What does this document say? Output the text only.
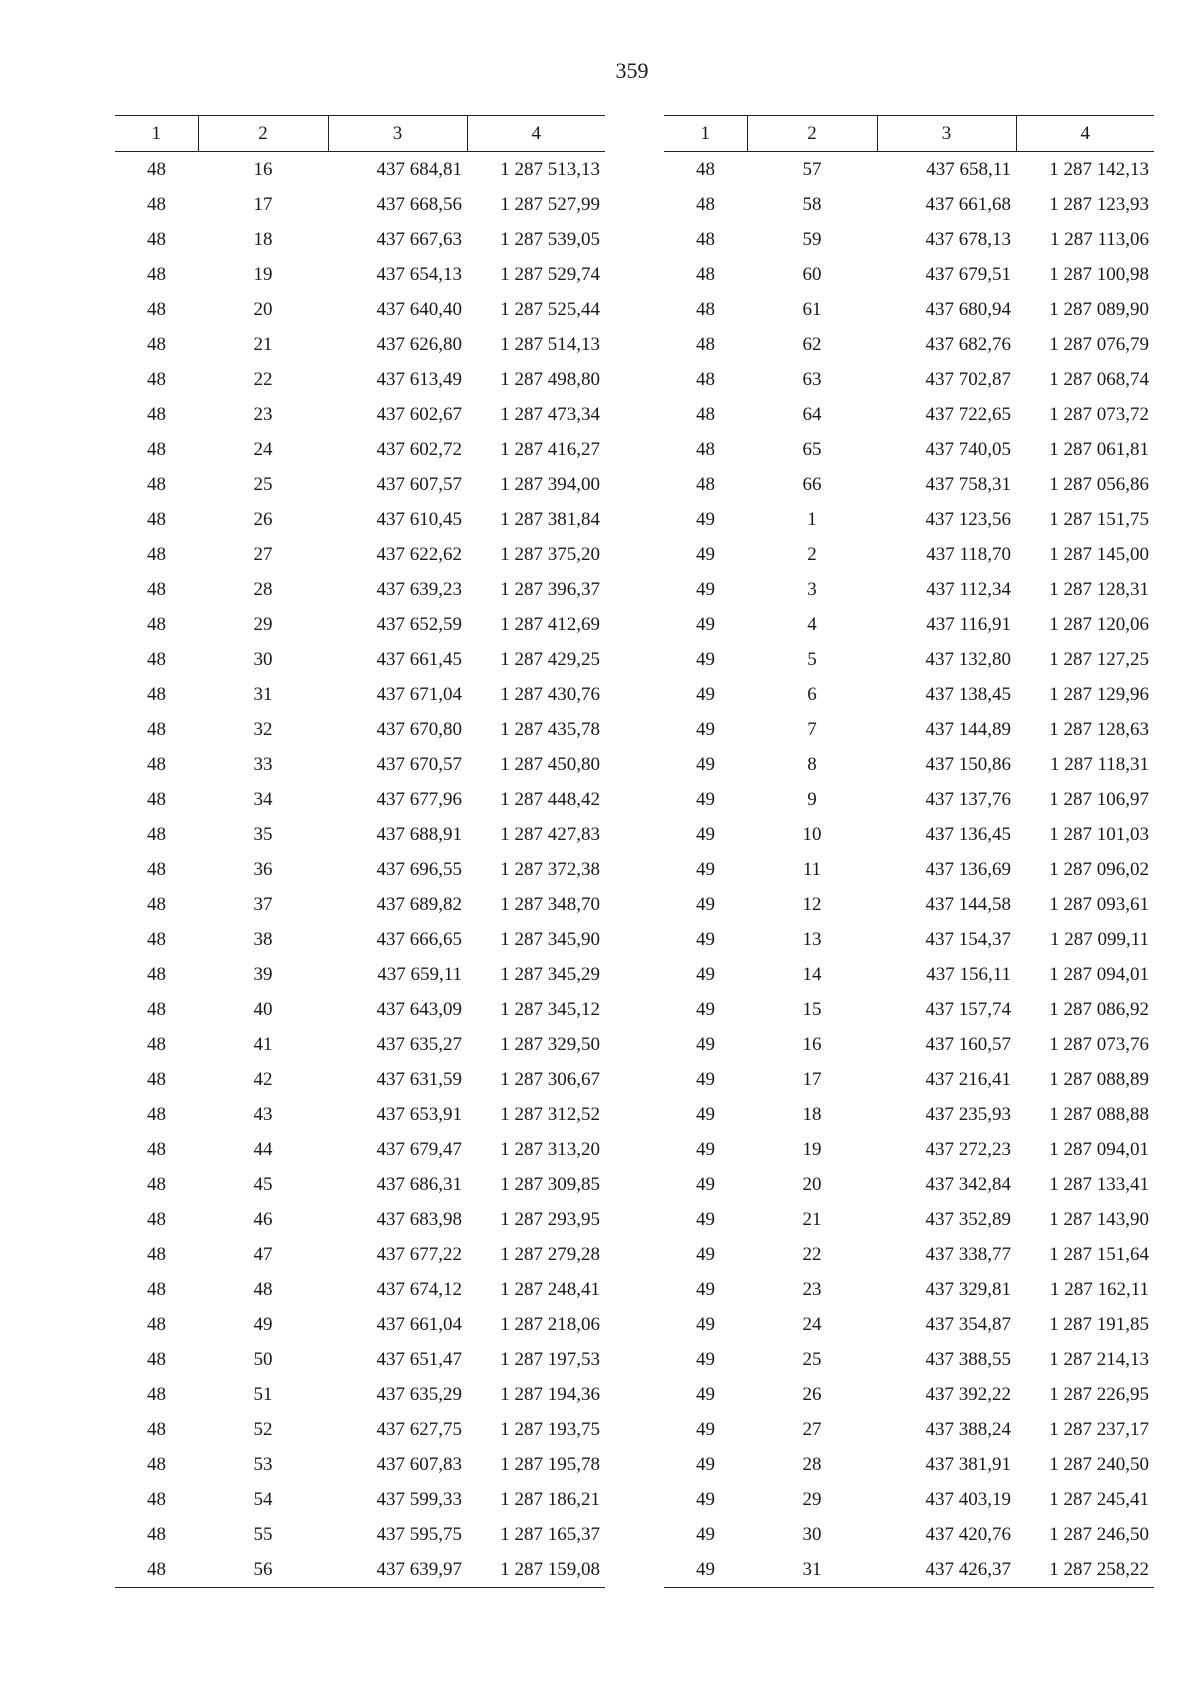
359
1	2	3	4
48	16	437 684,81	1 287 513,13
48	17	437 668,56	1 287 527,99
48	18	437 667,63	1 287 539,05
48	19	437 654,13	1 287 529,74
48	20	437 640,40	1 287 525,44
48	21	437 626,80	1 287 514,13
48	22	437 613,49	1 287 498,80
48	23	437 602,67	1 287 473,34
48	24	437 602,72	1 287 416,27
48	25	437 607,57	1 287 394,00
48	26	437 610,45	1 287 381,84
48	27	437 622,62	1 287 375,20
48	28	437 639,23	1 287 396,37
48	29	437 652,59	1 287 412,69
48	30	437 661,45	1 287 429,25
48	31	437 671,04	1 287 430,76
48	32	437 670,80	1 287 435,78
48	33	437 670,57	1 287 450,80
48	34	437 677,96	1 287 448,42
48	35	437 688,91	1 287 427,83
48	36	437 696,55	1 287 372,38
48	37	437 689,82	1 287 348,70
48	38	437 666,65	1 287 345,90
48	39	437 659,11	1 287 345,29
48	40	437 643,09	1 287 345,12
48	41	437 635,27	1 287 329,50
48	42	437 631,59	1 287 306,67
48	43	437 653,91	1 287 312,52
48	44	437 679,47	1 287 313,20
48	45	437 686,31	1 287 309,85
48	46	437 683,98	1 287 293,95
48	47	437 677,22	1 287 279,28
48	48	437 674,12	1 287 248,41
48	49	437 661,04	1 287 218,06
48	50	437 651,47	1 287 197,53
48	51	437 635,29	1 287 194,36
48	52	437 627,75	1 287 193,75
48	53	437 607,83	1 287 195,78
48	54	437 599,33	1 287 186,21
48	55	437 595,75	1 287 165,37
48	56	437 639,97	1 287 159,08
1	2	3	4
48	57	437 658,11	1 287 142,13
48	58	437 661,68	1 287 123,93
48	59	437 678,13	1 287 113,06
48	60	437 679,51	1 287 100,98
48	61	437 680,94	1 287 089,90
48	62	437 682,76	1 287 076,79
48	63	437 702,87	1 287 068,74
48	64	437 722,65	1 287 073,72
48	65	437 740,05	1 287 061,81
48	66	437 758,31	1 287 056,86
49	1	437 123,56	1 287 151,75
49	2	437 118,70	1 287 145,00
49	3	437 112,34	1 287 128,31
49	4	437 116,91	1 287 120,06
49	5	437 132,80	1 287 127,25
49	6	437 138,45	1 287 129,96
49	7	437 144,89	1 287 128,63
49	8	437 150,86	1 287 118,31
49	9	437 137,76	1 287 106,97
49	10	437 136,45	1 287 101,03
49	11	437 136,69	1 287 096,02
49	12	437 144,58	1 287 093,61
49	13	437 154,37	1 287 099,11
49	14	437 156,11	1 287 094,01
49	15	437 157,74	1 287 086,92
49	16	437 160,57	1 287 073,76
49	17	437 216,41	1 287 088,89
49	18	437 235,93	1 287 088,88
49	19	437 272,23	1 287 094,01
49	20	437 342,84	1 287 133,41
49	21	437 352,89	1 287 143,90
49	22	437 338,77	1 287 151,64
49	23	437 329,81	1 287 162,11
49	24	437 354,87	1 287 191,85
49	25	437 388,55	1 287 214,13
49	26	437 392,22	1 287 226,95
49	27	437 388,24	1 287 237,17
49	28	437 381,91	1 287 240,50
49	29	437 403,19	1 287 245,41
49	30	437 420,76	1 287 246,50
49	31	437 426,37	1 287 258,22
